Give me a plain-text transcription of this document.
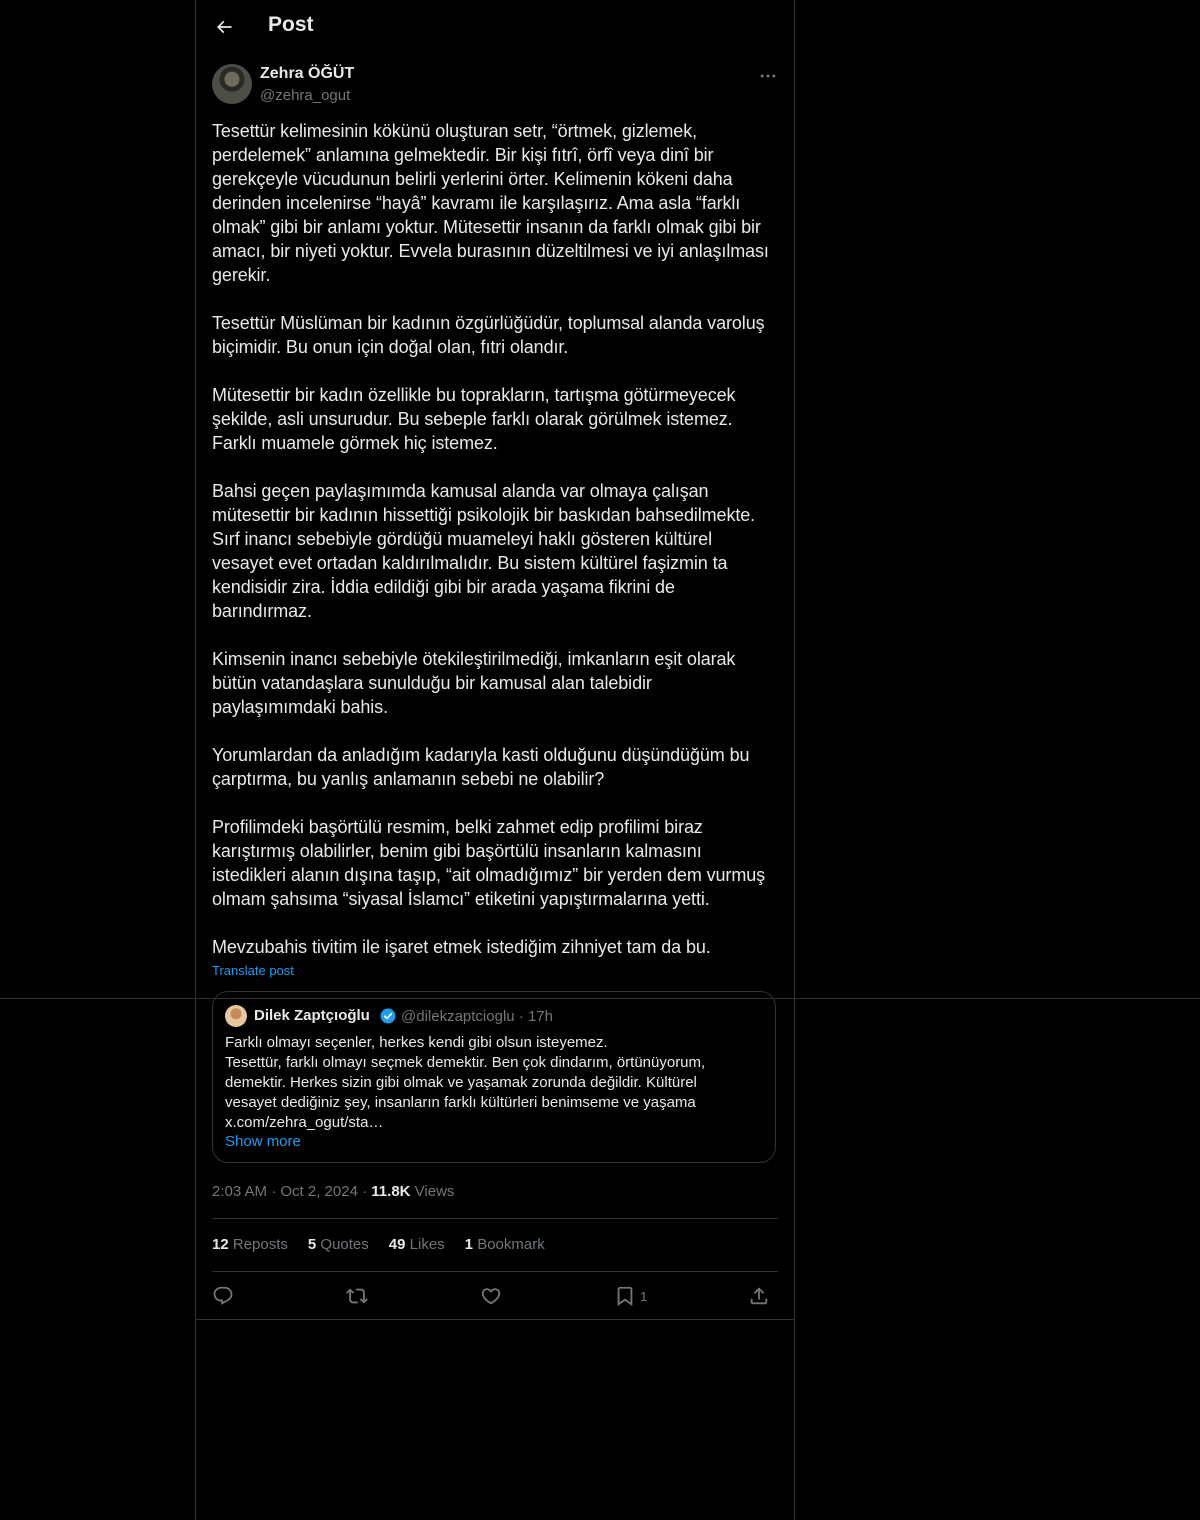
Post
Zehra ÖĞÜT
@zehra_ogut
Tesettür kelimesinin kökünü oluşturan setr, “örtmek, gizlemek,
perdelemek” anlamına gelmektedir. Bir kişi fıtrî, örfî veya dinî bir
gerekçeyle vücudunun belirli yerlerini örter. Kelimenin kökeni daha
derinden incelenirse “hayâ” kavramı ile karşılaşırız. Ama asla “farklı
olmak” gibi bir anlamı yoktur. Mütesettir insanın da farklı olmak gibi bir
amacı, bir niyeti yoktur. Evvela burasının düzeltilmesi ve iyi anlaşılması
gerekir.

Tesettür Müslüman bir kadının özgürlüğüdür, toplumsal alanda varoluş
biçimidir. Bu onun için doğal olan, fıtri olandır.

Mütesettir bir kadın özellikle bu toprakların, tartışma götürmeyecek
şekilde, asli unsurudur. Bu sebeple farklı olarak görülmek istemez.
Farklı muamele görmek hiç istemez.

Bahsi geçen paylaşımımda kamusal alanda var olmaya çalışan
mütesettir bir kadının hissettiği psikolojik bir baskıdan bahsedilmekte.
Sırf inancı sebebiyle gördüğü muameleyi haklı gösteren kültürel
vesayet evet ortadan kaldırılmalıdır. Bu sistem kültürel faşizmin ta
kendisidir zira. İddia edildiği gibi bir arada yaşama fikrini de
barındırmaz.

Kimsenin inancı sebebiyle ötekileştirilmediği, imkanların eşit olarak
bütün vatandaşlara sunulduğu bir kamusal alan talebidir
paylaşımımdaki bahis.

Yorumlardan da anladığım kadarıyla kasti olduğunu düşündüğüm bu
çarptırma, bu yanlış anlamanın sebebi ne olabilir?

Profilimdeki başörtülü resmim, belki zahmet edip profilimi biraz
karıştırmış olabilirler, benim gibi başörtülü insanların kalmasını
istedikleri alanın dışına taşıp, “ait olmadığımız” bir yerden dem vurmuş
olmam şahsıma “siyasal İslamcı” etiketini yapıştırmalarına yetti.

Mevzubahis tivitim ile işaret etmek istediğim zihniyet tam da bu.
Translate post
Dilek Zaptçıoğlu @dilekzaptcioglu · 17h
Farklı olmayı seçenler, herkes kendi gibi olsun isteyemez.
Tesettür, farklı olmayı seçmek demektir. Ben çok dindarım, örtünüyorum,
demektir. Herkes sizin gibi olmak ve yaşamak zorunda değildir. Kültürel
vesayet dediğiniz şey, insanların farklı kültürleri benimseme ve yaşama
x.com/zehra_ogut/sta…
Show more
2:03 AM · Oct 2, 2024 · 11.8K Views
12 Reposts 5 Quotes 49 Likes 1 Bookmark
1
